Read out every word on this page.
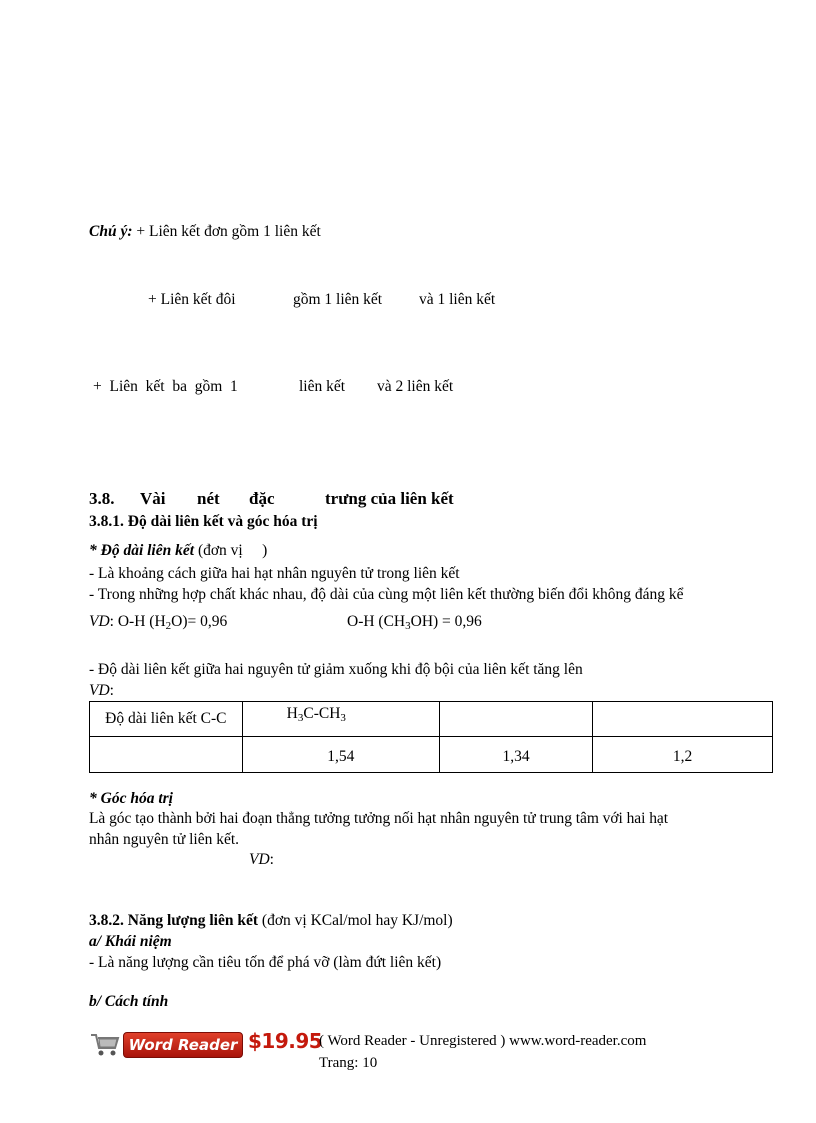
Chú ý: + Liên kết đơn gồm 1 liên kết
+ Liên kết đôi	gồm 1 liên kết và 1 liên kết
+  Liên  kết  ba  gồm  1	liên kết và 2 liên kết
3.8. Vài nét đặc	trưng của liên kết
3.8.1. Độ dài liên kết và góc hóa trị
* Độ dài liên kết (đơn vị     )
- Là khoảng cách giữa hai hạt nhân nguyên tử trong liên kết
- Trong những hợp chất khác nhau, độ dài của cùng một liên kết thường biến đổi không đáng kể
VD: O-H $(H_2O)= 0,96$	O-H $(CH_3OH) = 0,96$
- Độ dài liên kết giữa hai nguyên tử giảm xuống khi độ bội của liên kết tăng lên
VD:
Độ dài liên kết C-C	$H_3C-CH_3$		
	1,54	1,34	1,2
* Góc hóa trị
Là góc tạo thành bởi hai đoạn thẳng tưởng tưởng nối hạt nhân nguyên tử trung tâm với hai hạt
nhân nguyên tử liên kết.
VD:
3.8.2. Năng lượng liên kết (đơn vị KCal/mol hay KJ/mol)
a/ Khái niệm
- Là năng lượng cần tiêu tốn để phá vỡ (làm đứt liên kết)
b/ Cách tính
Word Reader $19.95
( Word Reader - Unregistered ) www.word-reader.com
Trang: 10
